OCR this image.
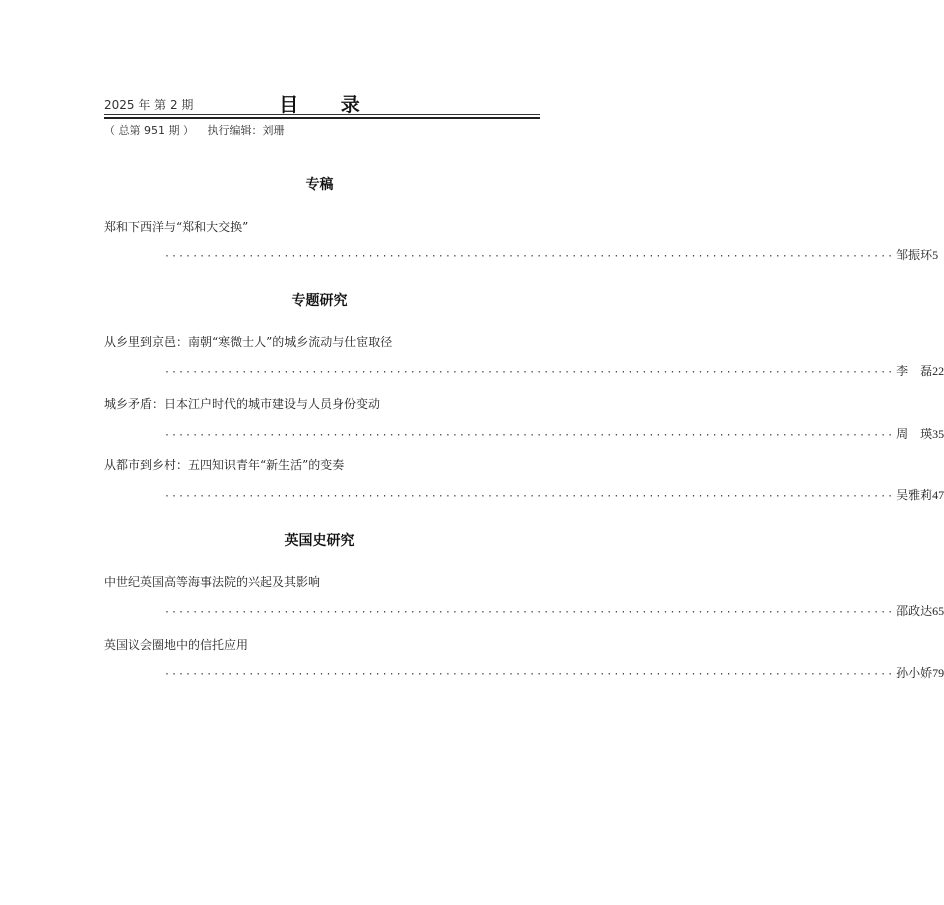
2025 年 第 2 期	目 录
（ 总第 951 期 ） 执行编辑：刘珊
专稿
郑和下西洋与“郑和大交换”
········································································································ 邹振环 5
专题研究
从乡里到京邑：南朝“寒微士人”的城乡流动与仕宦取径
········································································································ 李　磊 22
城乡矛盾：日本江户时代的城市建设与人员身份变动
········································································································ 周　瑛 35
从都市到乡村：五四知识青年“新生活”的变奏
········································································································ 吴雅莉 47
英国史研究
中世纪英国高等海事法院的兴起及其影响
········································································································ 邵政达 65
英国议会圈地中的信托应用
········································································································ 孙小娇 79
